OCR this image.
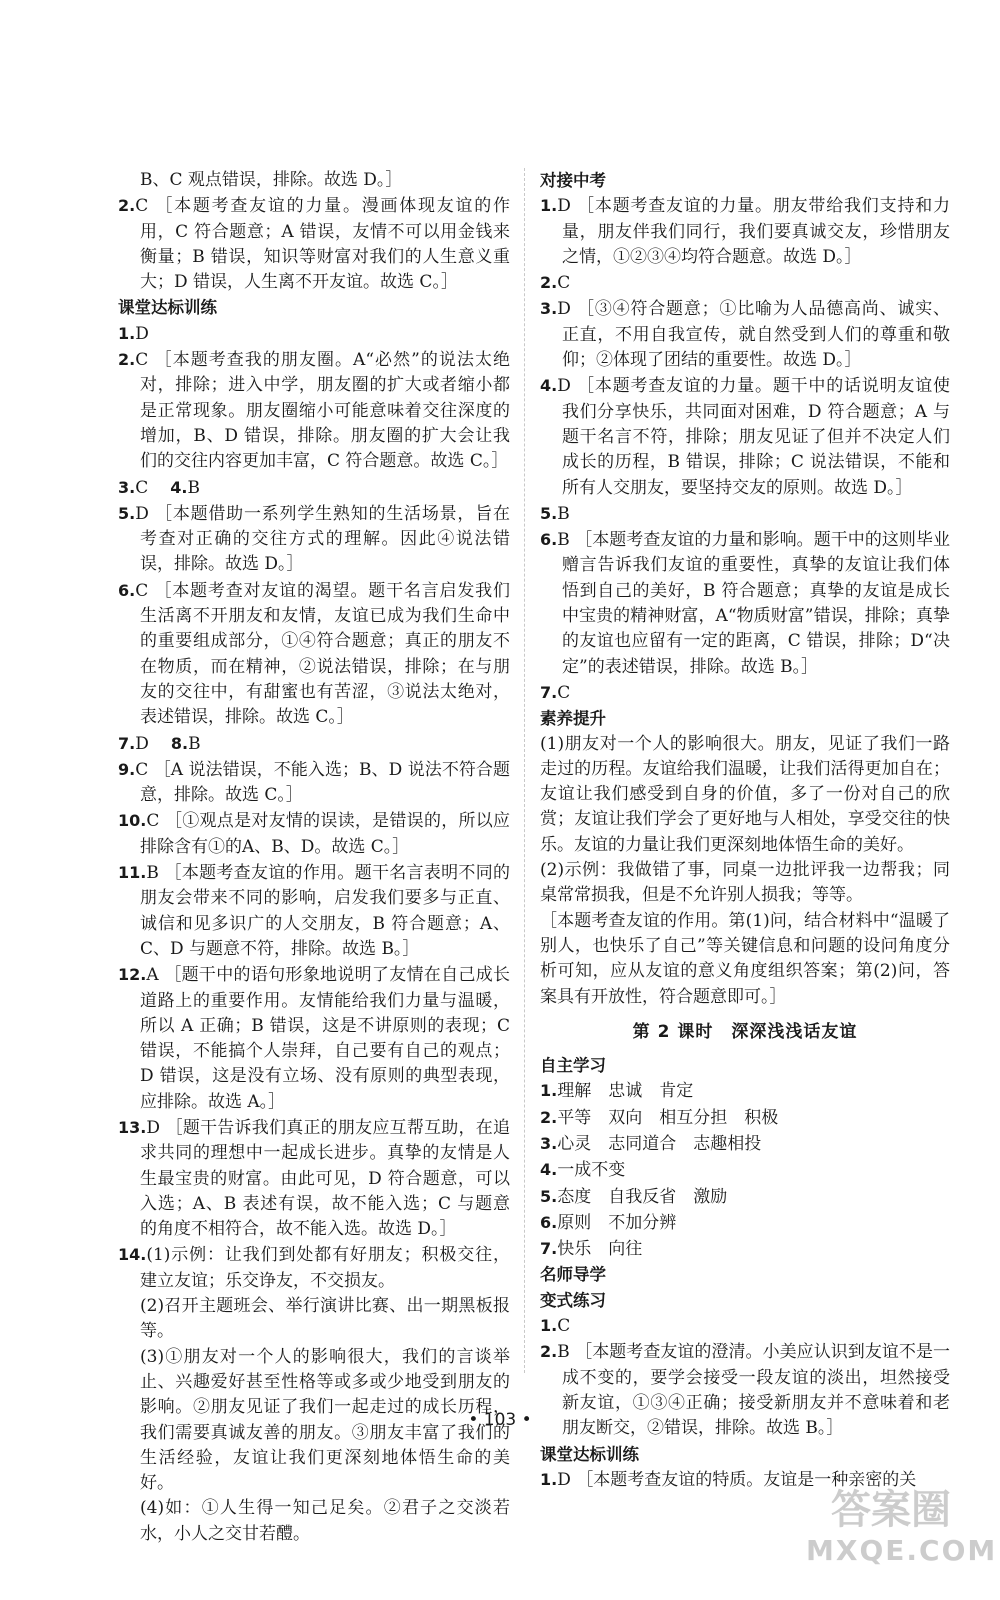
B、C 观点错误，排除。故选 D。］
2.C ［本题考查友谊的力量。漫画体现友谊的作用，C 符合题意；A 错误，友情不可以用金钱来衡量；B 错误，知识等财富对我们的人生意义重大；D 错误，人生离不开友谊。故选 C。］
课堂达标训练
1.D
2.C ［本题考查我的朋友圈。A“必然”的说法太绝对，排除；进入中学，朋友圈的扩大或者缩小都是正常现象。朋友圈缩小可能意味着交往深度的增加，B、D 错误，排除。朋友圈的扩大会让我们的交往内容更加丰富，C 符合题意。故选 C。］
3.C 4.B
5.D ［本题借助一系列学生熟知的生活场景，旨在考查对正确的交往方式的理解。因此④说法错误，排除。故选 D。］
6.C ［本题考查对友谊的渴望。题干名言启发我们生活离不开朋友和友情，友谊已成为我们生命中的重要组成部分，①④符合题意；真正的朋友不在物质，而在精神，②说法错误，排除；在与朋友的交往中，有甜蜜也有苦涩，③说法太绝对，表述错误，排除。故选 C。］
7.D 8.B
9.C ［A 说法错误，不能入选；B、D 说法不符合题意，排除。故选 C。］
10.C ［①观点是对友情的误读，是错误的，所以应排除含有①的A、B、D。故选 C。］
11.B ［本题考查友谊的作用。题干名言表明不同的朋友会带来不同的影响，启发我们要多与正直、诚信和见多识广的人交朋友，B 符合题意；A、C、D 与题意不符，排除。故选 B。］
12.A ［题干中的语句形象地说明了友情在自己成长道路上的重要作用。友情能给我们力量与温暖，所以 A 正确；B 错误，这是不讲原则的表现；C 错误，不能搞个人崇拜，自己要有自己的观点；D 错误，这是没有立场、没有原则的典型表现，应排除。故选 A。］
13.D ［题干告诉我们真正的朋友应互帮互助，在追求共同的理想中一起成长进步。真挚的友情是人生最宝贵的财富。由此可见，D 符合题意，可以入选；A、B 表述有误，故不能入选；C 与题意的角度不相符合，故不能入选。故选 D。］
14.(1)示例：让我们到处都有好朋友；积极交往，建立友谊；乐交诤友，不交损友。
(2)召开主题班会、举行演讲比赛、出一期黑板报等。
(3)①朋友对一个人的影响很大，我们的言谈举止、兴趣爱好甚至性格等或多或少地受到朋友的影响。②朋友见证了我们一起走过的成长历程，我们需要真诚友善的朋友。③朋友丰富了我们的生活经验，友谊让我们更深刻地体悟生命的美好。
(4)如：①人生得一知己足矣。②君子之交淡若水，小人之交甘若醴。
对接中考
1.D ［本题考查友谊的力量。朋友带给我们支持和力量，朋友伴我们同行，我们要真诚交友，珍惜朋友之情，①②③④均符合题意。故选 D。］
2.C
3.D ［③④符合题意；①比喻为人品德高尚、诚实、正直，不用自我宣传，就自然受到人们的尊重和敬仰；②体现了团结的重要性。故选 D。］
4.D ［本题考查友谊的力量。题干中的话说明友谊使我们分享快乐，共同面对困难，D 符合题意；A 与题干名言不符，排除；朋友见证了但并不决定人们成长的历程，B 错误，排除；C 说法错误，不能和所有人交朋友，要坚持交友的原则。故选 D。］
5.B
6.B ［本题考查友谊的力量和影响。题干中的这则毕业赠言告诉我们友谊的重要性，真挚的友谊让我们体悟到自己的美好，B 符合题意；真挚的友谊是成长中宝贵的精神财富，A“物质财富”错误，排除；真挚的友谊也应留有一定的距离，C 错误，排除；D“决定”的表述错误，排除。故选 B。］
7.C
素养提升
(1)朋友对一个人的影响很大。朋友，见证了我们一路走过的历程。友谊给我们温暖，让我们活得更加自在；友谊让我们感受到自身的价值，多了一份对自己的欣赏；友谊让我们学会了更好地与人相处，享受交往的快乐。友谊的力量让我们更深刻地体悟生命的美好。
(2)示例：我做错了事，同桌一边批评我一边帮我；同桌常常损我，但是不允许别人损我；等等。
［本题考查友谊的作用。第(1)问，结合材料中“温暖了别人，也快乐了自己”等关键信息和问题的设问角度分析可知，应从友谊的意义角度组织答案；第(2)问，答案具有开放性，符合题意即可。］
第 2 课时　深深浅浅话友谊
自主学习
1.理解　忠诚　肯定
2.平等　双向　相互分担　积极
3.心灵　志同道合　志趣相投
4.一成不变
5.态度　自我反省　激励
6.原则　不加分辨
7.快乐　向往
名师导学
变式练习
1.C
2.B ［本题考查友谊的澄清。小美应认识到友谊不是一成不变的，要学会接受一段友谊的淡出，坦然接受新友谊，①③④正确；接受新朋友并不意味着和老朋友断交，②错误，排除。故选 B。］
课堂达标训练
1.D ［本题考查友谊的特质。友谊是一种亲密的关
• 103 •
答案圈
MXQE.COM
